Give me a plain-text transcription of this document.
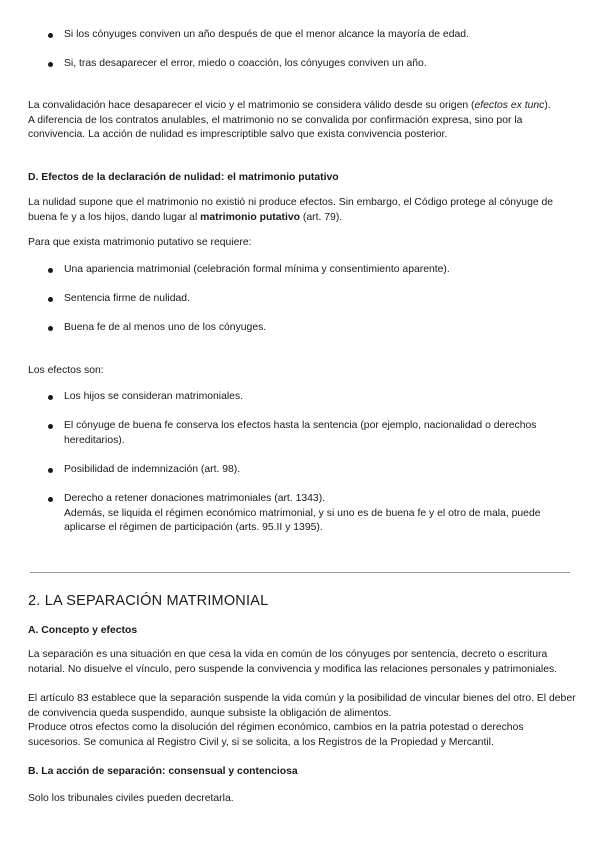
Si los cónyuges conviven un año después de que el menor alcance la mayoría de edad.

Si, tras desaparecer el error, miedo o coacción, los cónyuges conviven un año.

La convalidación hace desaparecer el vicio y el matrimonio se considera válido desde su origen (efectos ex tunc).
A diferencia de los contratos anulables, el matrimonio no se convalida por confirmación expresa, sino por la convivencia. La acción de nulidad es imprescriptible salvo que exista convivencia posterior.

D. Efectos de la declaración de nulidad: el matrimonio putativo

La nulidad supone que el matrimonio no existió ni produce efectos. Sin embargo, el Código protege al cónyuge de buena fe y a los hijos, dando lugar al matrimonio putativo (art. 79).

Para que exista matrimonio putativo se requiere:

Una apariencia matrimonial (celebración formal mínima y consentimiento aparente).

Sentencia firme de nulidad.

Buena fe de al menos uno de los cónyuges.

Los efectos son:

Los hijos se consideran matrimoniales.

El cónyuge de buena fe conserva los efectos hasta la sentencia (por ejemplo, nacionalidad o derechos hereditarios).

Posibilidad de indemnización (art. 98).

Derecho a retener donaciones matrimoniales (art. 1343).
Además, se liquida el régimen económico matrimonial, y si uno es de buena fe y el otro de mala, puede aplicarse el régimen de participación (arts. 95.II y 1395).

2. LA SEPARACIÓN MATRIMONIAL

A. Concepto y efectos

La separación es una situación en que cesa la vida en común de los cónyuges por sentencia, decreto o escritura notarial. No disuelve el vínculo, pero suspende la convivencia y modifica las relaciones personales y patrimoniales.

El artículo 83 establece que la separación suspende la vida común y la posibilidad de vincular bienes del otro. El deber de convivencia queda suspendido, aunque subsiste la obligación de alimentos.

Produce otros efectos como la disolución del régimen económico, cambios en la patria potestad o derechos sucesorios. Se comunica al Registro Civil y, si se solicita, a los Registros de la Propiedad y Mercantil.

B. La acción de separación: consensual y contenciosa

Solo los tribunales civiles pueden decretarla.
